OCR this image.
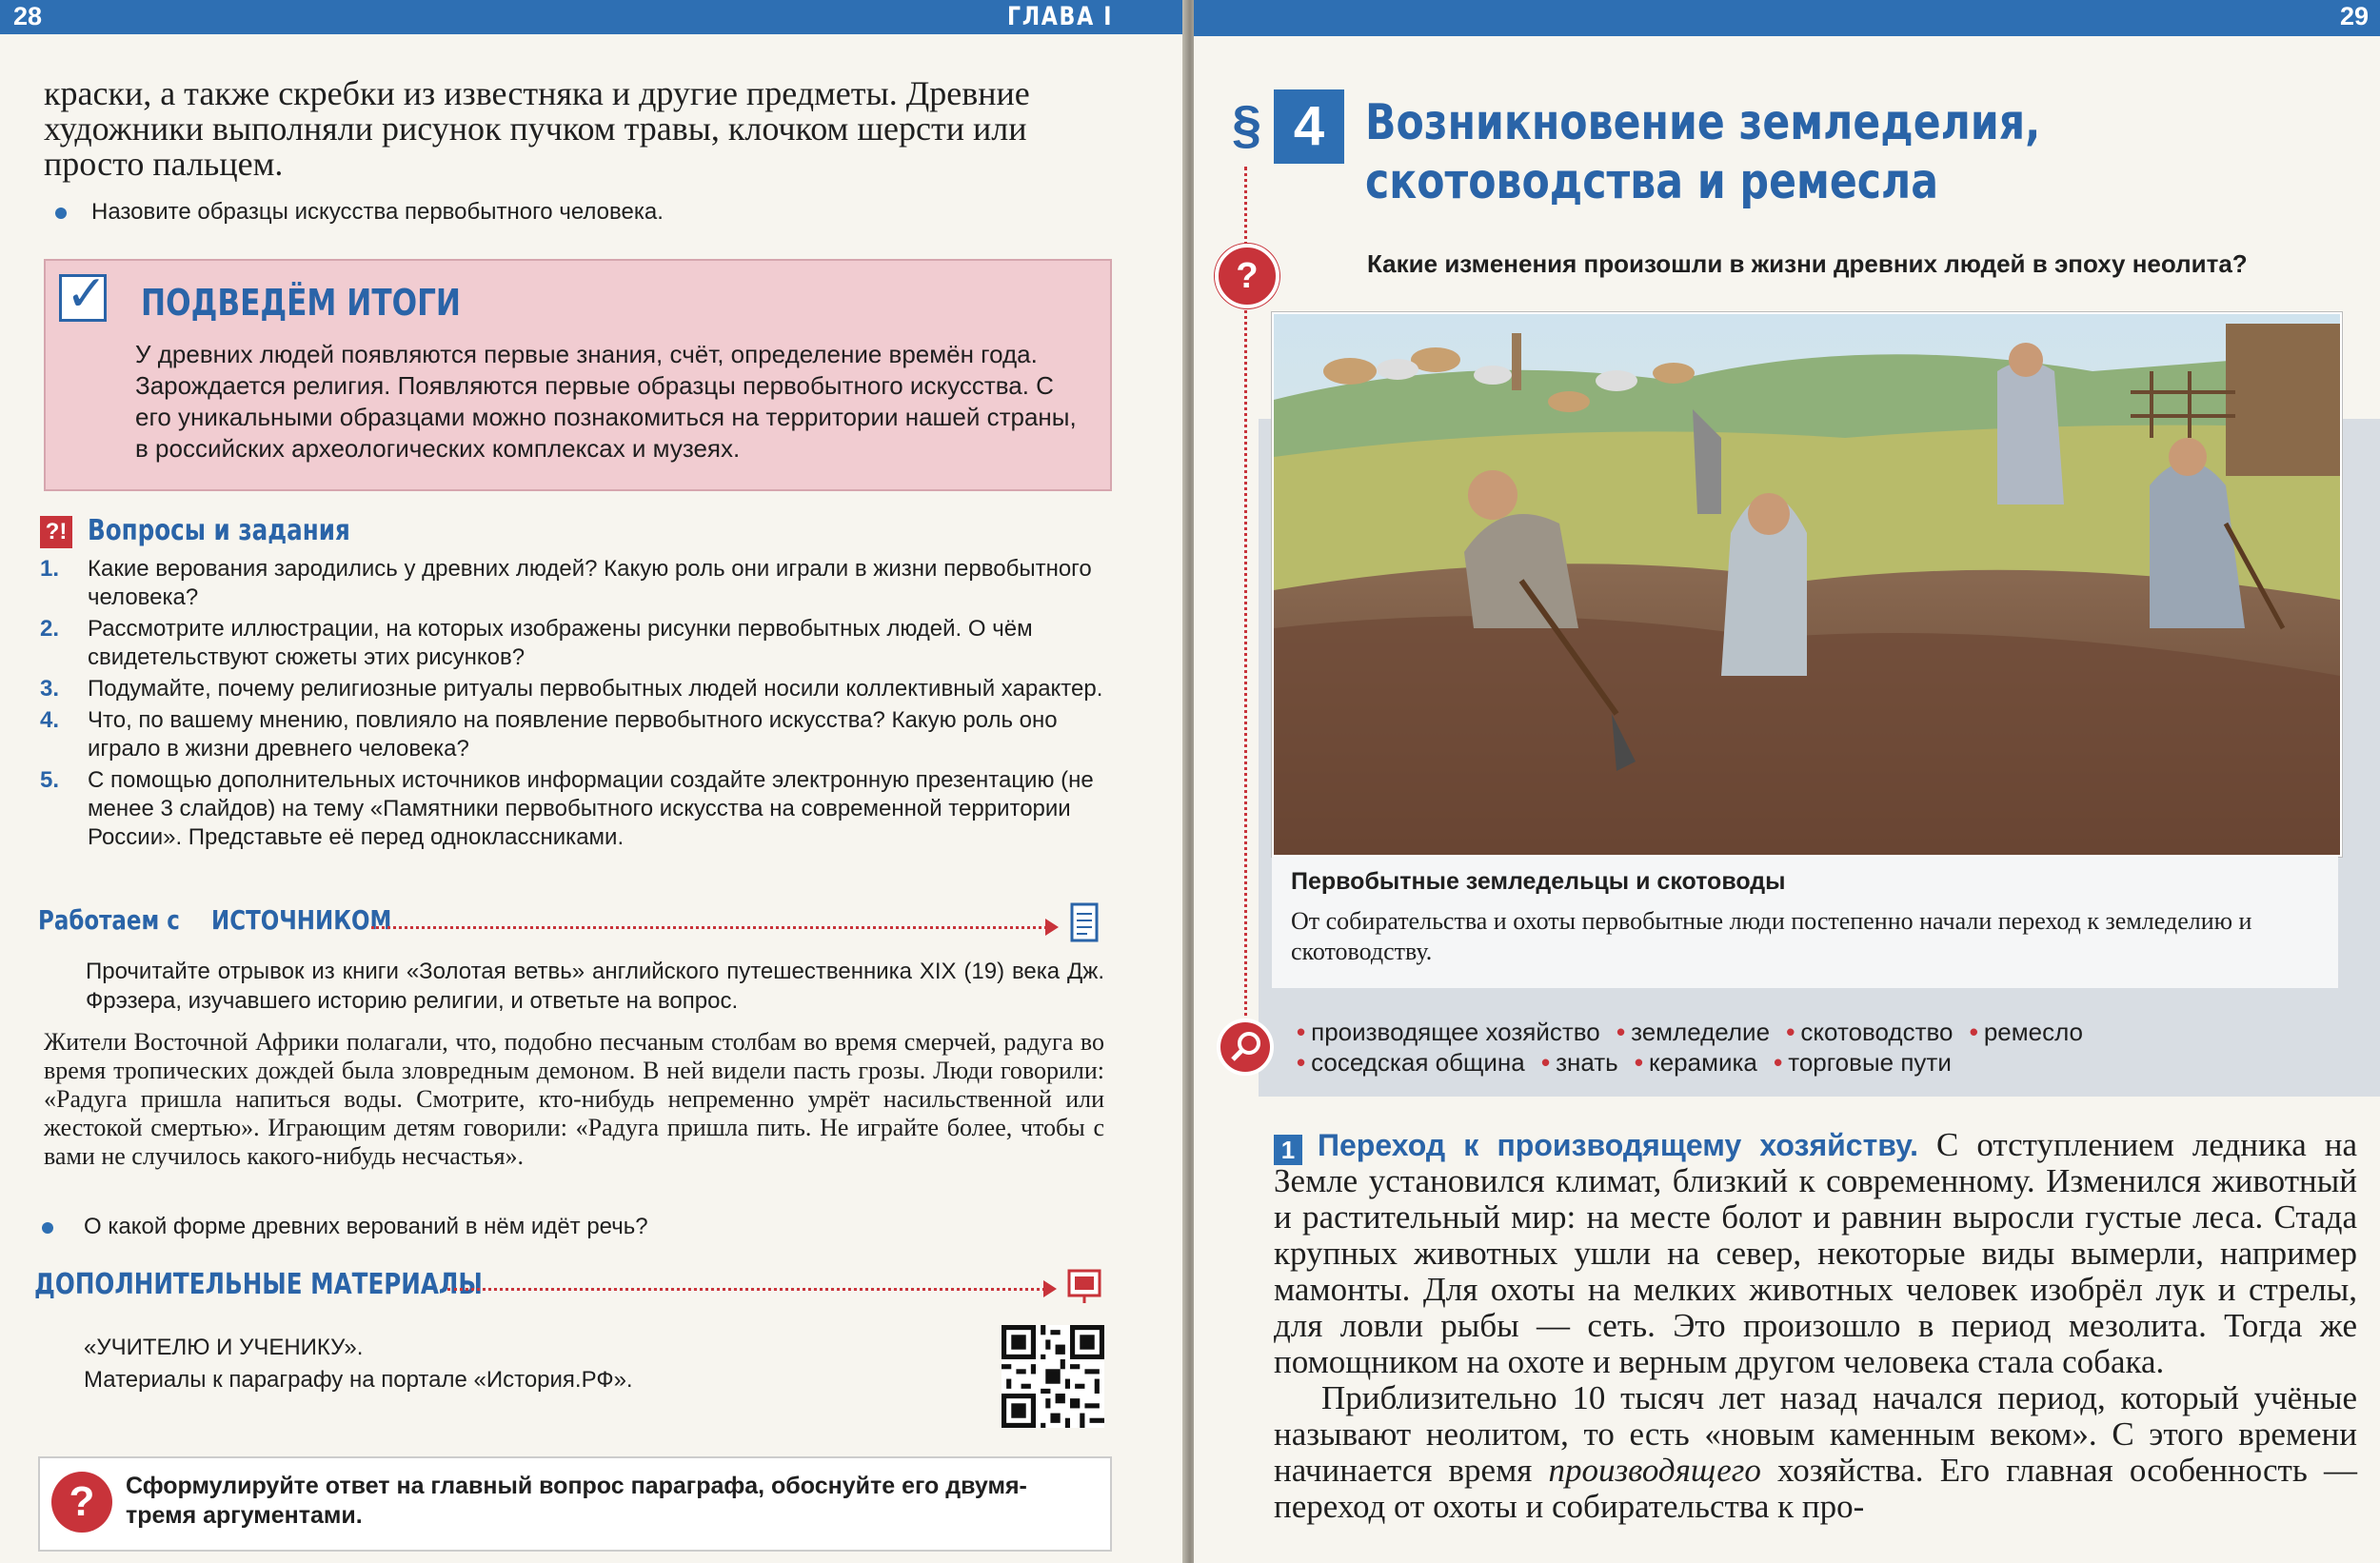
28	ГЛАВА I
краски, а также скребки из известняка и другие предметы. Древние художники выполняли рисунок пучком травы, клочком шерсти или просто пальцем.
Назовите образцы искусства первобытного человека.
✓ ПОДВЕДЁМ ИТОГИ
У древних людей появляются первые знания, счёт, определение времён года. Зарождается религия. Появляются первые образцы первобытного искусства. С его уникальными образцами можно познакомиться на территории нашей страны, в российских археологических комплексах и музеях.
?! Вопросы и задания
1. Какие верования зародились у древних людей? Какую роль они играли в жизни первобытного человека?
2. Рассмотрите иллюстрации, на которых изображены рисунки первобытных людей. О чём свидетельствуют сюжеты этих рисунков?
3. Подумайте, почему религиозные ритуалы первобытных людей носили коллективный характер.
4. Что, по вашему мнению, повлияло на появление первобытного искусства? Какую роль оно играло в жизни древнего человека?
5. С помощью дополнительных источников информации создайте электронную презентацию (не менее 3 слайдов) на тему «Памятники первобытного искусства на современной территории России». Представьте её перед одноклассниками.
Работаем сИСТОЧНИКОМ
Прочитайте отрывок из книги «Золотая ветвь» английского путешественника XIX (19) века Дж. Фрэзера, изучавшего историю религии, и ответьте на вопрос.
Жители Восточной Африки полагали, что, подобно песчаным столбам во время смерчей, радуга во время тропических дождей была зловредным демоном. В ней видели пасть грозы. Люди говорили: «Радуга пришла напиться воды. Смотрите, кто-нибудь непременно умрёт насильственной или жестокой смертью». Играющим детям говорили: «Радуга пришла пить. Не играйте более, чтобы с вами не случилось какого-нибудь несчастья».
О какой форме древних верований в нём идёт речь?
ДОПОЛНИТЕЛЬНЫЕ МАТЕРИАЛЫ
«УЧИТЕЛЮ И УЧЕНИКУ».
Материалы к параграфу на портале «История.РФ».
?	Сформулируйте ответ на главный вопрос параграфа, обоснуйте его двумя-тремя аргументами.
29
§ 4 Возникновение земледелия,
скотоводства и ремесла
?	Какие изменения произошли в жизни древних людей в эпоху неолита?
Первобытные земледельцы и скотоводы
От собирательства и охоты первобытные люди постепенно начали переход к земледелию и скотоводству.
• производящее хозяйство • земледелие • скотоводство • ремесло
• соседская община • знать • керамика • торговые пути
1 Переход к производящему хозяйству. С отступлением ледника на Земле установился климат, близкий к современному. Изменился животный и растительный мир: на месте болот и равнин выросли густые леса. Стада крупных животных ушли на север, некоторые виды вымерли, например мамонты. Для охоты на мелких животных человек изобрёл лук и стрелы, для ловли рыбы — сеть. Это произошло в период мезолита. Тогда же помощником на охоте и верным другом человека стала собака.
Приблизительно 10 тысяч лет назад начался период, который учёные называют неолитом, то есть «новым каменным веком». С этого времени начинается время производящего хозяйства. Его главная особенность — переход от охоты и собирательства к про-
